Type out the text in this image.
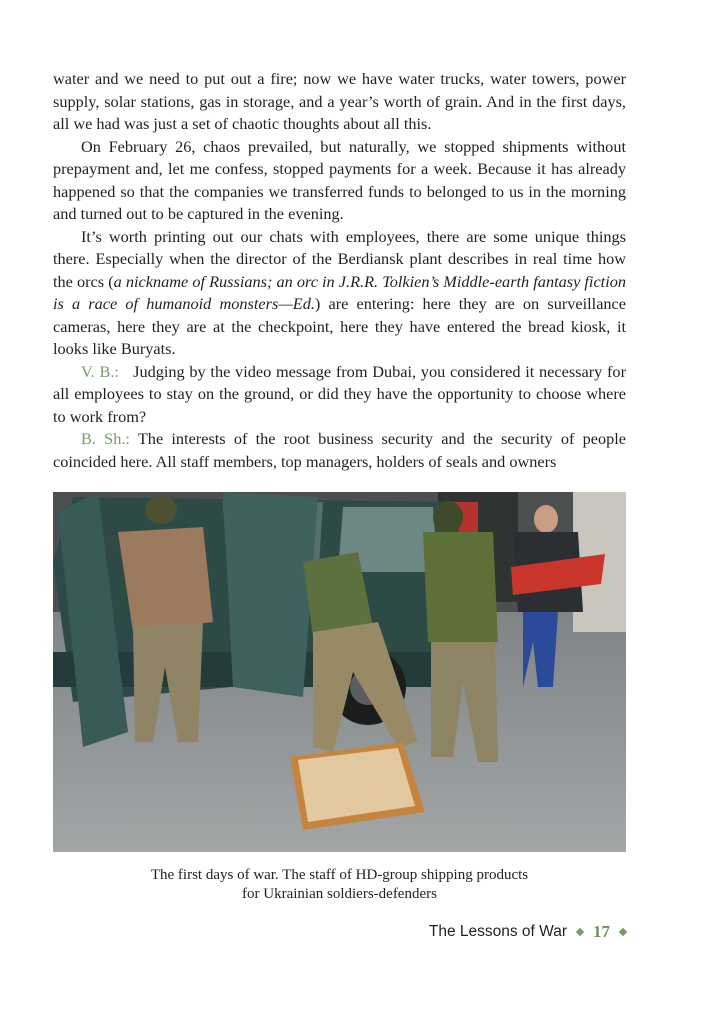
water and we need to put out a fire; now we have water trucks, water towers, power supply, solar stations, gas in storage, and a year’s worth of grain. And in the first days, all we had was just a set of chaotic thoughts about all this.

On February 26, chaos prevailed, but naturally, we stopped shipments without prepayment and, let me confess, stopped payments for a week. Because it has already happened so that the companies we transferred funds to belonged to us in the morning and turned out to be captured in the evening.

It’s worth printing out our chats with employees, there are some unique things there. Especially when the director of the Berdiansk plant describes in real time how the orcs (a nickname of Russians; an orc in J.R.R. Tolkien’s Middle-earth fantasy fiction is a race of humanoid monsters—Ed.) are entering: here they are on surveillance cameras, here they are at the checkpoint, here they have entered the bread kiosk, it looks like Buryats.

V. B.: Judging by the video message from Dubai, you considered it necessary for all employees to stay on the ground, or did they have the opportunity to choose where to work from?

B. Sh.: The interests of the root business security and the security of people coincided here. All staff members, top managers, holders of seals and owners

The first days of war. The staff of HD-group shipping products
for Ukrainian soldiers-defenders
The Lessons of War 17
